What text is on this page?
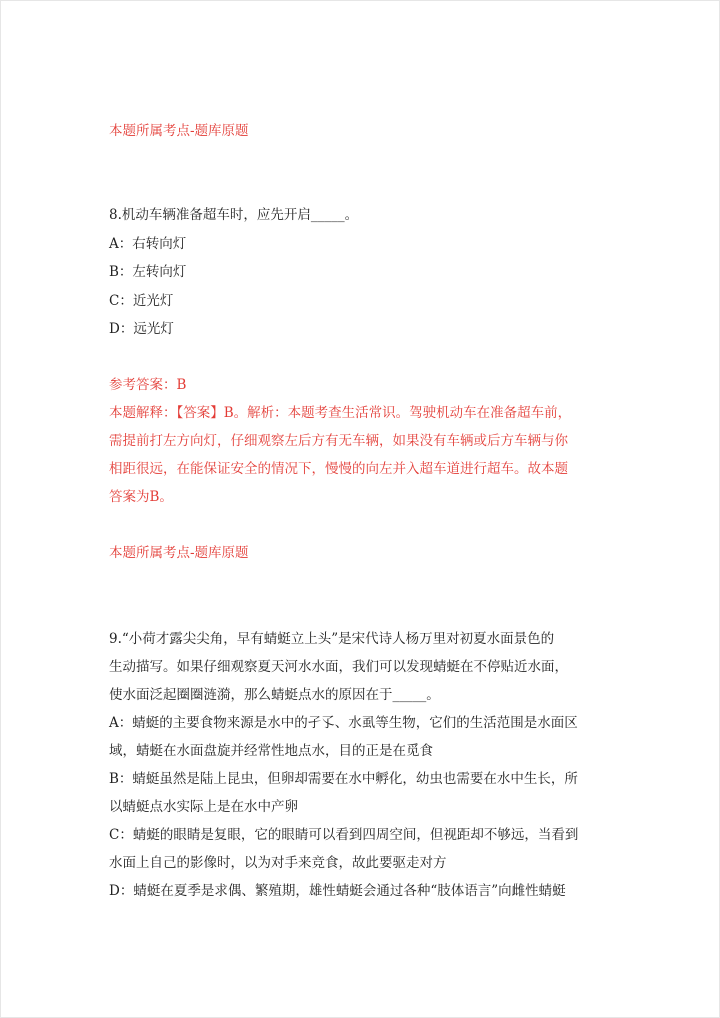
本题所属考点-题库原题
8.机动车辆准备超车时，应先开启_____。
A：右转向灯
B：左转向灯
C：近光灯
D：远光灯
参考答案：B
本题解释：【答案】B。解析：本题考查生活常识。驾驶机动车在准备超车前，
需提前打左方向灯，仔细观察左后方有无车辆，如果没有车辆或后方车辆与你
相距很远，在能保证安全的情况下，慢慢的向左并入超车道进行超车。故本题
答案为B。
本题所属考点-题库原题
9.“小荷才露尖尖角，早有蜻蜓立上头”是宋代诗人杨万里对初夏水面景色的
生动描写。如果仔细观察夏天河水水面，我们可以发现蜻蜓在不停贴近水面，
使水面泛起圈圈涟漪，那么蜻蜓点水的原因在于_____。
A：蜻蜓的主要食物来源是水中的孑孓、水虱等生物，它们的生活范围是水面区
域，蜻蜓在水面盘旋并经常性地点水，目的正是在觅食
B：蜻蜓虽然是陆上昆虫，但卵却需要在水中孵化，幼虫也需要在水中生长，所
以蜻蜓点水实际上是在水中产卵
C：蜻蜓的眼睛是复眼，它的眼睛可以看到四周空间，但视距却不够远，当看到
水面上自己的影像时，以为对手来竞食，故此要驱走对方
D：蜻蜓在夏季是求偶、繁殖期，雄性蜻蜓会通过各种“肢体语言”向雌性蜻蜓
